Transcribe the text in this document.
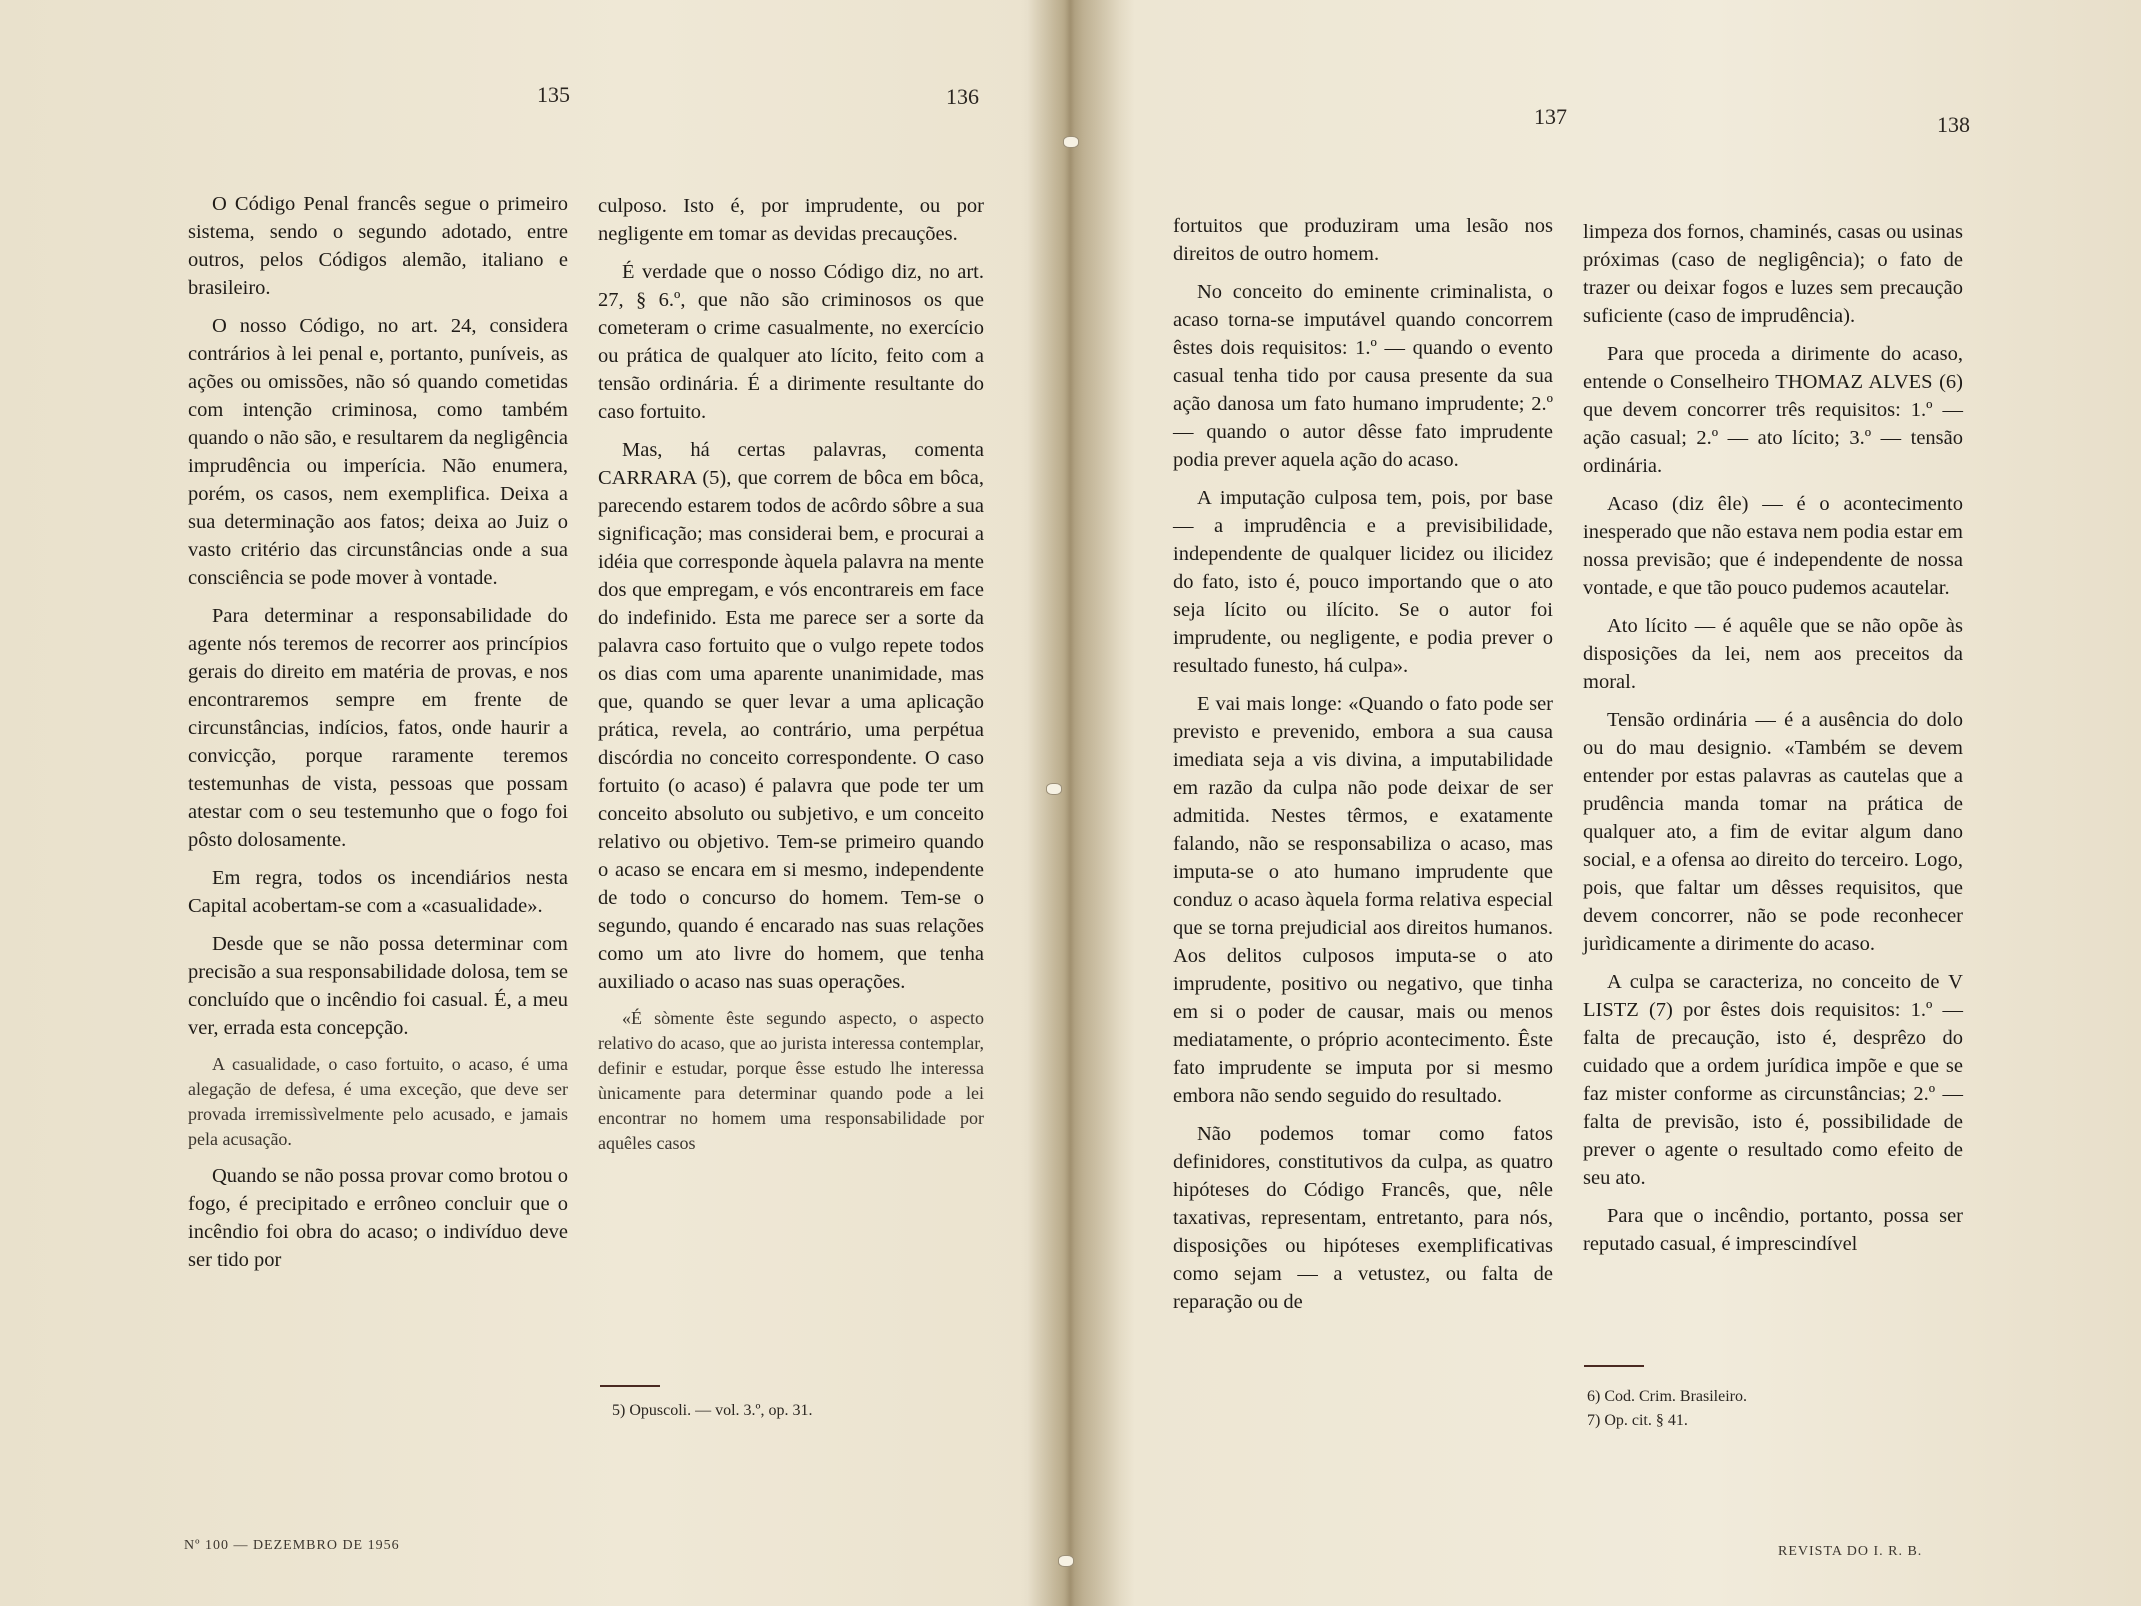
135	136
137	138

O Código Penal francês segue o primeiro sistema, sendo o segundo adotado, entre outros, pelos Códigos alemão, italiano e brasileiro.

O nosso Código, no art. 24, considera contrários à lei penal e, portanto, puníveis, as ações ou omissões, não só quando cometidas com intenção criminosa, como também quando o não são, e resultarem da negligência imprudência ou imperícia. Não enumera, porém, os casos, nem exemplifica. Deixa a sua determinação aos fatos; deixa ao Juiz o vasto critério das circunstâncias onde a sua consciência se pode mover à vontade.

Para determinar a responsabilidade do agente nós teremos de recorrer aos princípios gerais do direito em matéria de provas, e nos encontraremos sempre em frente de circunstâncias, indícios, fatos, onde haurir a convicção, porque raramente teremos testemunhas de vista, pessoas que possam atestar com o seu testemunho que o fogo foi pôsto dolosamente.

Em regra, todos os incendiários nesta Capital acobertam-se com a «casualidade».

Desde que se não possa determinar com precisão a sua responsabilidade dolosa, tem se concluído que o incêndio foi casual. É, a meu ver, errada esta concepção.

A casualidade, o caso fortuito, o acaso, é uma alegação de defesa, é uma exceção, que deve ser provada irremissìvelmente pelo acusado, e jamais pela acusação.

Quando se não possa provar como brotou o fogo, é precipitado e errôneo concluir que o incêndio foi obra do acaso; o indivíduo deve ser tido por

culposo. Isto é, por imprudente, ou por negligente em tomar as devidas precauções.

É verdade que o nosso Código diz, no art. 27, § 6.º, que não são criminosos os que cometeram o crime casualmente, no exercício ou prática de qualquer ato lícito, feito com a tensão ordinária. É a dirimente resultante do caso fortuito.

Mas, há certas palavras, comenta CARRARA (5), que correm de bôca em bôca, parecendo estarem todos de acôrdo sôbre a sua significação; mas considerai bem, e procurai a idéia que corresponde àquela palavra na mente dos que empregam, e vós encontrareis em face do indefinido. Esta me parece ser a sorte da palavra caso fortuito que o vulgo repete todos os dias com uma aparente unanimidade, mas que, quando se quer levar a uma aplicação prática, revela, ao contrário, uma perpétua discórdia no conceito correspondente. O caso fortuito (o acaso) é palavra que pode ter um conceito absoluto ou subjetivo, e um conceito relativo ou objetivo. Tem-se primeiro quando o acaso se encara em si mesmo, independente de todo o concurso do homem. Tem-se o segundo, quando é encarado nas suas relações como um ato livre do homem, que tenha auxiliado o acaso nas suas operações.

«É sòmente êste segundo aspecto, o aspecto relativo do acaso, que ao jurista interessa contemplar, definir e estudar, porque êsse estudo lhe interessa ùnicamente para determinar quando pode a lei encontrar no homem uma responsabilidade por aquêles casos

5) Opuscoli. — vol. 3.º, op. 31.

fortuitos que produziram uma lesão nos direitos de outro homem.

No conceito do eminente criminalista, o acaso torna-se imputável quando concorrem êstes dois requisitos: 1.º — quando o evento casual tenha tido por causa presente da sua ação danosa um fato humano imprudente; 2.º — quando o autor dêsse fato imprudente podia prever aquela ação do acaso.

A imputação culposa tem, pois, por base — a imprudência e a previsibilidade, independente de qualquer licidez ou ilicidez do fato, isto é, pouco importando que o ato seja lícito ou ilícito. Se o autor foi imprudente, ou negligente, e podia prever o resultado funesto, há culpa».

E vai mais longe: «Quando o fato pode ser previsto e prevenido, embora a sua causa imediata seja a vis divina, a imputabilidade em razão da culpa não pode deixar de ser admitida. Nestes têrmos, e exatamente falando, não se responsabiliza o acaso, mas imputa-se o ato humano imprudente que conduz o acaso àquela forma relativa especial que se torna prejudicial aos direitos humanos. Aos delitos culposos imputa-se o ato imprudente, positivo ou negativo, que tinha em si o poder de causar, mais ou menos mediatamente, o próprio acontecimento. Êste fato imprudente se imputa por si mesmo embora não sendo seguido do resultado.

Não podemos tomar como fatos definidores, constitutivos da culpa, as quatro hipóteses do Código Francês, que, nêle taxativas, representam, entretanto, para nós, disposições ou hipóteses exemplificativas como sejam — a vetustez, ou falta de reparação ou de

limpeza dos fornos, chaminés, casas ou usinas próximas (caso de negligência); o fato de trazer ou deixar fogos e luzes sem precaução suficiente (caso de imprudência).

Para que proceda a dirimente do acaso, entende o Conselheiro THOMAZ ALVES (6) que devem concorrer três requisitos: 1.º — ação casual; 2.º — ato lícito; 3.º — tensão ordinária.

Acaso (diz êle) — é o acontecimento inesperado que não estava nem podia estar em nossa previsão; que é independente de nossa vontade, e que tão pouco pudemos acautelar.

Ato lícito — é aquêle que se não opõe às disposições da lei, nem aos preceitos da moral.

Tensão ordinária — é a ausência do dolo ou do mau designio. «Também se devem entender por estas palavras as cautelas que a prudência manda tomar na prática de qualquer ato, a fim de evitar algum dano social, e a ofensa ao direito do terceiro. Logo, pois, que faltar um dêsses requisitos, que devem concorrer, não se pode reconhecer jurìdicamente a dirimente do acaso.

A culpa se caracteriza, no conceito de V LISTZ (7) por êstes dois requisitos: 1.º — falta de precaução, isto é, desprêzo do cuidado que a ordem jurídica impõe e que se faz mister conforme as circunstâncias; 2.º — falta de previsão, isto é, possibilidade de prever o agente o resultado como efeito de seu ato.

Para que o incêndio, portanto, possa ser reputado casual, é imprescindível

6) Cod. Crim. Brasileiro.
7) Op. cit. § 41.
Nº 100 — DEZEMBRO DE 1956	REVISTA DO I. R. B.
